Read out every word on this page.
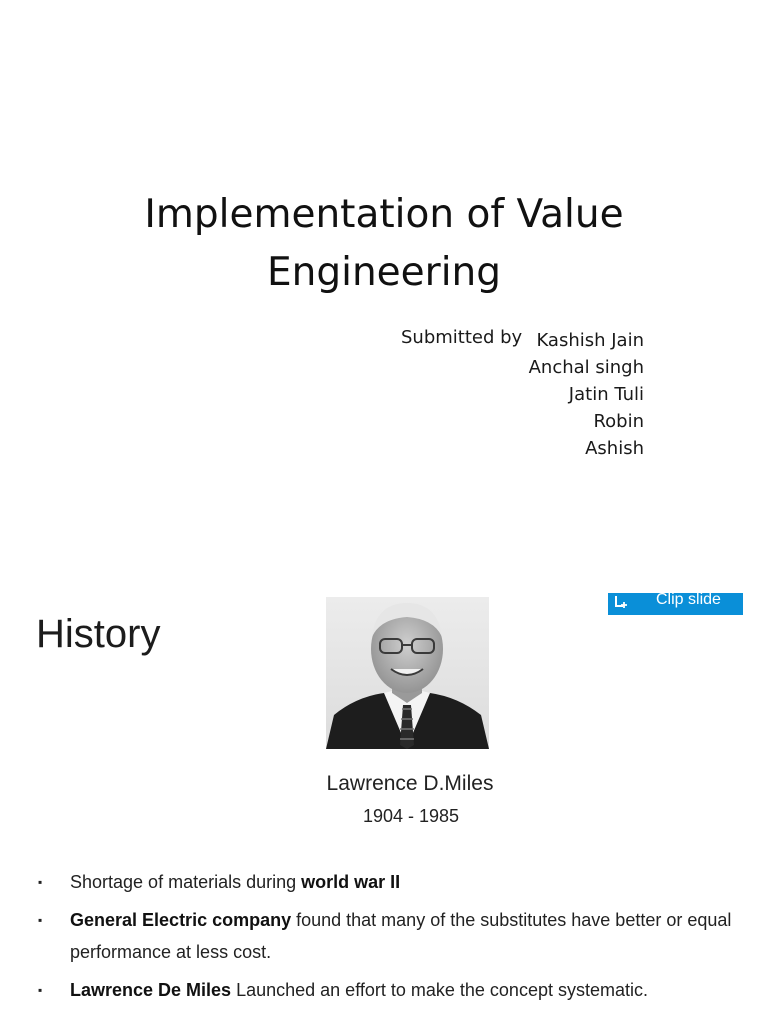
Implementation of Value
Engineering
Submitted by Kashish Jain
Anchal singh
Jatin Tuli
Robin
Ashish
History
Clip slide
Lawrence D.Miles
1904 - 1985
▪ Shortage of materials during world war II
▪ General Electric company found that many of the substitutes have better or equal performance at less cost.
▪ Lawrence De Miles Launched an effort to make the concept systematic.
